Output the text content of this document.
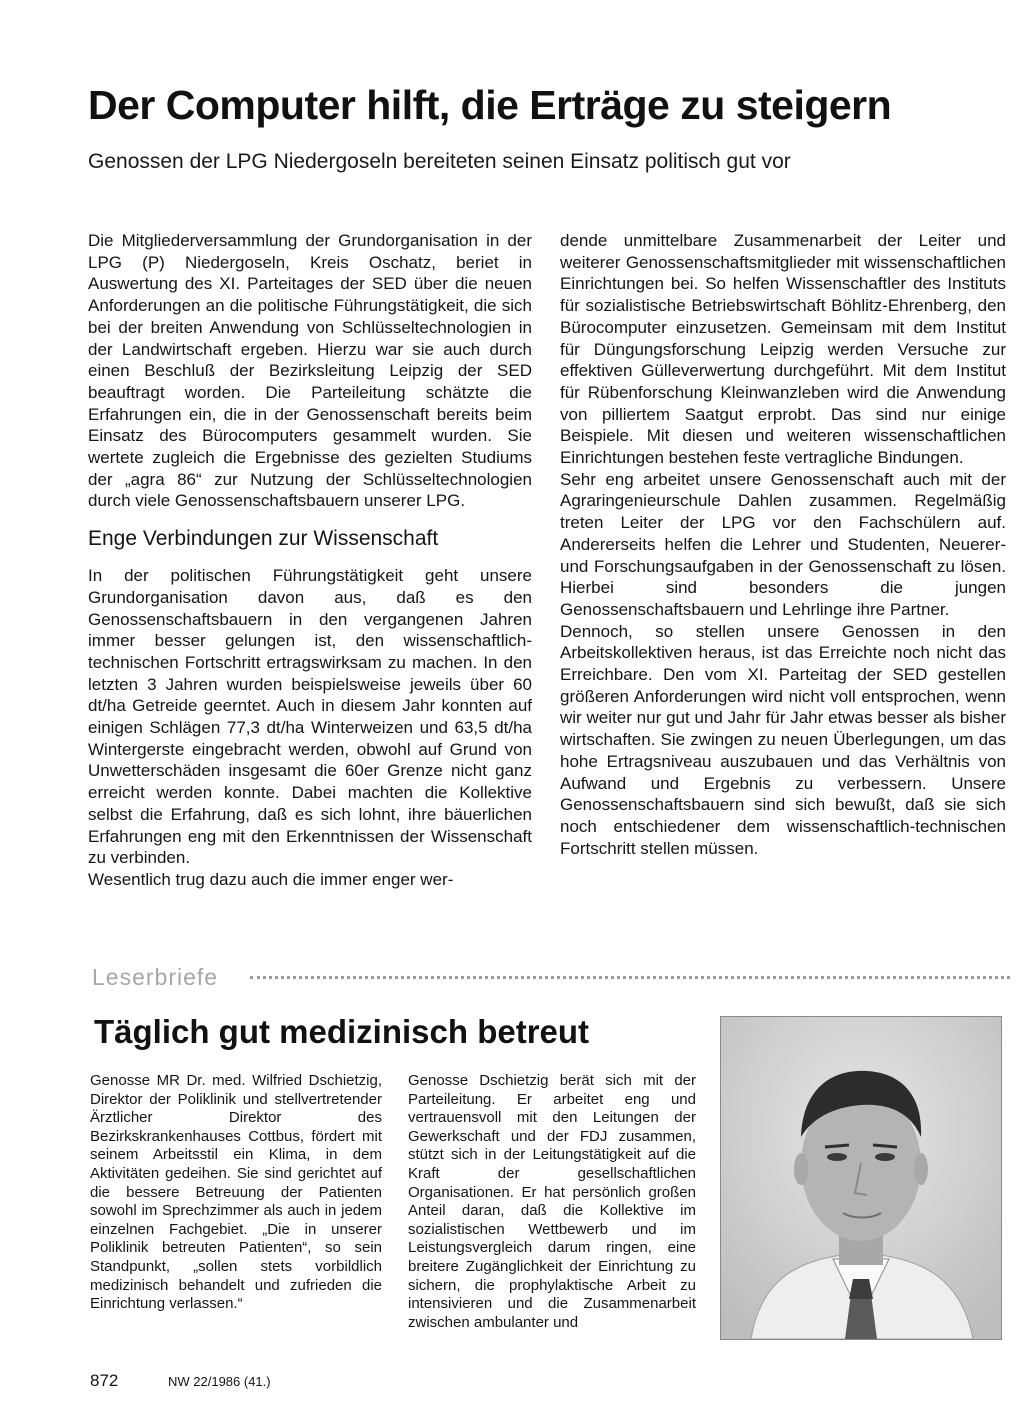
Der Computer hilft, die Erträge zu steigern
Genossen der LPG Niedergoseln bereiteten seinen Einsatz politisch gut vor

Die Mitgliederversammlung der Grundorganisation in der LPG (P) Niedergoseln, Kreis Oschatz, beriet in Auswertung des XI. Parteitages der SED über die neuen Anforderungen an die politische Führungstätigkeit, die sich bei der breiten Anwendung von Schlüsseltechnologien in der Landwirtschaft ergeben. Hierzu war sie auch durch einen Beschluß der Bezirksleitung Leipzig der SED beauftragt worden. Die Parteileitung schätzte die Erfahrungen ein, die in der Genossenschaft bereits beim Einsatz des Bürocomputers gesammelt wurden. Sie wertete zugleich die Ergebnisse des gezielten Studiums der „agra 86“ zur Nutzung der Schlüsseltechnologien durch viele Genossenschaftsbauern unserer LPG.

Enge Verbindungen zur Wissenschaft

In der politischen Führungstätigkeit geht unsere Grundorganisation davon aus, daß es den Genossenschaftsbauern in den vergangenen Jahren immer besser gelungen ist, den wissenschaftlich-technischen Fortschritt ertragswirksam zu machen. In den letzten 3 Jahren wurden beispielsweise jeweils über 60 dt/ha Getreide geerntet. Auch in diesem Jahr konnten auf einigen Schlägen 77,3 dt/ha Winterweizen und 63,5 dt/ha Wintergerste eingebracht werden, obwohl auf Grund von Unwetterschäden insgesamt die 60er Grenze nicht ganz erreicht werden konnte. Dabei machten die Kollektive selbst die Erfahrung, daß es sich lohnt, ihre bäuerlichen Erfahrungen eng mit den Erkenntnissen der Wissenschaft zu verbinden.

Wesentlich trug dazu auch die immer enger wer-

dende unmittelbare Zusammenarbeit der Leiter und weiterer Genossenschaftsmitglieder mit wissenschaftlichen Einrichtungen bei. So helfen Wissenschaftler des Instituts für sozialistische Betriebswirtschaft Böhlitz-Ehrenberg, den Bürocomputer einzusetzen. Gemeinsam mit dem Institut für Düngungsforschung Leipzig werden Versuche zur effektiven Gülleverwertung durchgeführt. Mit dem Institut für Rübenforschung Kleinwanzleben wird die Anwendung von pilliertem Saatgut erprobt. Das sind nur einige Beispiele. Mit diesen und weiteren wissenschaftlichen Einrichtungen bestehen feste vertragliche Bindungen.

Sehr eng arbeitet unsere Genossenschaft auch mit der Agraringenieurschule Dahlen zusammen. Regelmäßig treten Leiter der LPG vor den Fachschülern auf. Andererseits helfen die Lehrer und Studenten, Neuerer- und Forschungsaufgaben in der Genossenschaft zu lösen. Hierbei sind besonders die jungen Genossenschaftsbauern und Lehrlinge ihre Partner.

Dennoch, so stellen unsere Genossen in den Arbeitskollektiven heraus, ist das Erreichte noch nicht das Erreichbare. Den vom XI. Parteitag der SED gestellen größeren Anforderungen wird nicht voll entsprochen, wenn wir weiter nur gut und Jahr für Jahr etwas besser als bisher wirtschaften. Sie zwingen zu neuen Überlegungen, um das hohe Ertragsniveau auszubauen und das Verhältnis von Aufwand und Ergebnis zu verbessern. Unsere Genossenschaftsbauern sind sich bewußt, daß sie sich noch entschiedener dem wissenschaftlich-technischen Fortschritt stellen müssen.

Leserbriefe
Täglich gut medizinisch betreut

Genosse MR Dr. med. Wilfried Dschietzig, Direktor der Poliklinik und stellvertretender Ärztlicher Direktor des Bezirkskrankenhauses Cottbus, fördert mit seinem Arbeitsstil ein Klima, in dem Aktivitäten gedeihen. Sie sind gerichtet auf die bessere Betreuung der Patienten sowohl im Sprechzimmer als auch in jedem einzelnen Fachgebiet. „Die in unserer Poliklinik betreuten Patienten“, so sein Standpunkt, „sollen stets vorbildlich medizinisch behandelt und zufrieden die Einrichtung verlassen.“

Genosse Dschietzig berät sich mit der Parteileitung. Er arbeitet eng und vertrauensvoll mit den Leitungen der Gewerkschaft und der FDJ zusammen, stützt sich in der Leitungstätigkeit auf die Kraft der gesellschaftlichen Organisationen. Er hat persönlich großen Anteil daran, daß die Kollektive im sozialistischen Wettbewerb und im Leistungsvergleich darum ringen, eine breitere Zugänglichkeit der Einrichtung zu sichern, die prophylaktische Arbeit zu intensivieren und die Zusammenarbeit zwischen ambulanter und

872	NW 22/1986 (41.)
